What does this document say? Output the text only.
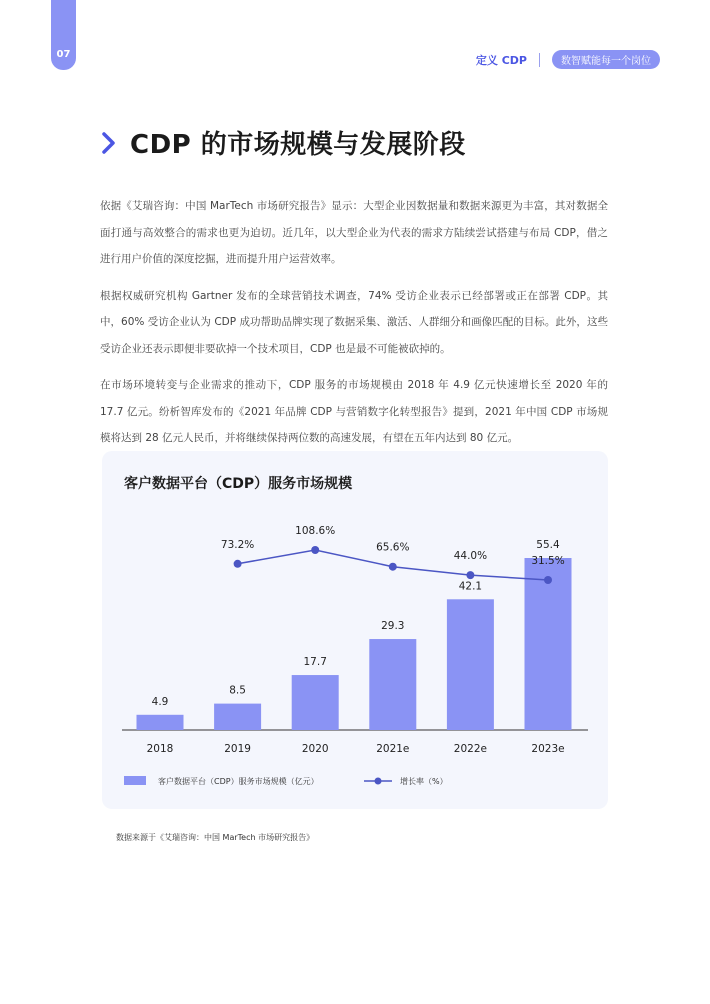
07	定义 CDP	数智赋能每一个岗位
CDP 的市场规模与发展阶段

依据《艾瑞咨询：中国 MarTech 市场研究报告》显示：大型企业因数据量和数据来源更为丰富，其对数据全面打通与高效整合的需求也更为迫切。近几年，以大型企业为代表的需求方陆续尝试搭建与布局 CDP，借之进行用户价值的深度挖掘，进而提升用户运营效率。

根据权威研究机构 Gartner 发布的全球营销技术调查，74% 受访企业表示已经部署或正在部署 CDP。其中，60% 受访企业认为 CDP 成功帮助品牌实现了数据采集、激活、人群细分和画像匹配的目标。此外，这些受访企业还表示即便非要砍掉一个技术项目，CDP 也是最不可能被砍掉的。

在市场环境转变与企业需求的推动下，CDP 服务的市场规模由 2018 年 4.9 亿元快速增长至 2020 年的 17.7 亿元。纷析智库发布的《2021 年品牌 CDP 与营销数字化转型报告》提到，2021 年中国 CDP 市场规模将达到 28 亿元人民币，并将继续保持两位数的高速发展，有望在五年内达到 80 亿元。

客户数据平台（CDP）服务市场规模
4.9
2018
8.5
2019
17.7
2020
29.3
2021e
42.1
2022e
55.4
2023e
73.2%
108.6%
65.6%
44.0%	31.5%
客户数据平台（CDP）服务市场规模（亿元）	增长率（%）
数据来源于《艾瑞咨询：中国 MarTech 市场研究报告》
